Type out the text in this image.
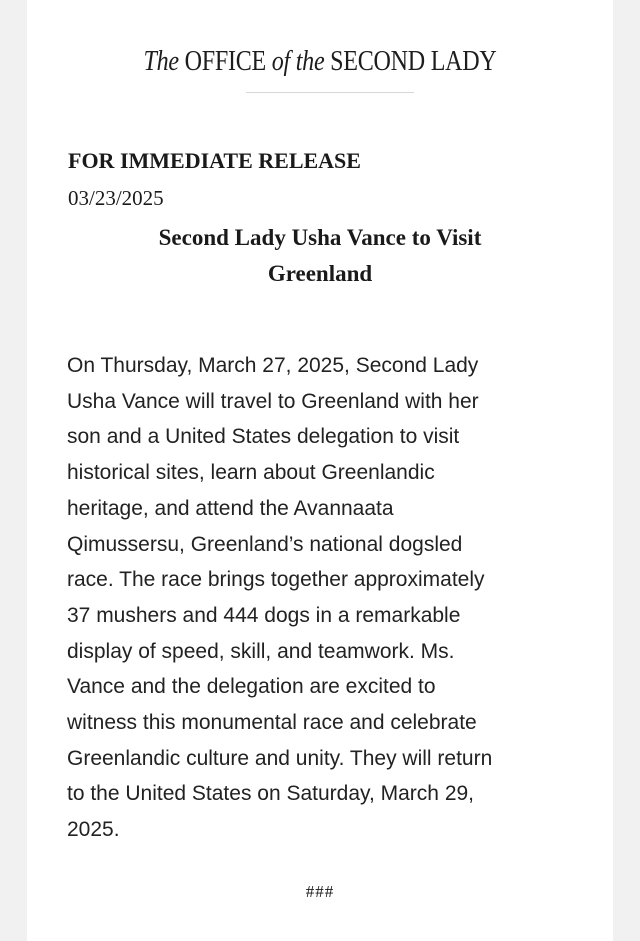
The OFFICE of the SECOND LADY
FOR IMMEDIATE RELEASE
03/23/2025
Second Lady Usha Vance to Visit
Greenland
On Thursday, March 27, 2025, Second Lady
Usha Vance will travel to Greenland with her
son and a United States delegation to visit
historical sites, learn about Greenlandic
heritage, and attend the Avannaata
Qimussersu, Greenland’s national dogsled
race. The race brings together approximately
37 mushers and 444 dogs in a remarkable
display of speed, skill, and teamwork. Ms.
Vance and the delegation are excited to
witness this monumental race and celebrate
Greenlandic culture and unity. They will return
to the United States on Saturday, March 29,
2025.
###
